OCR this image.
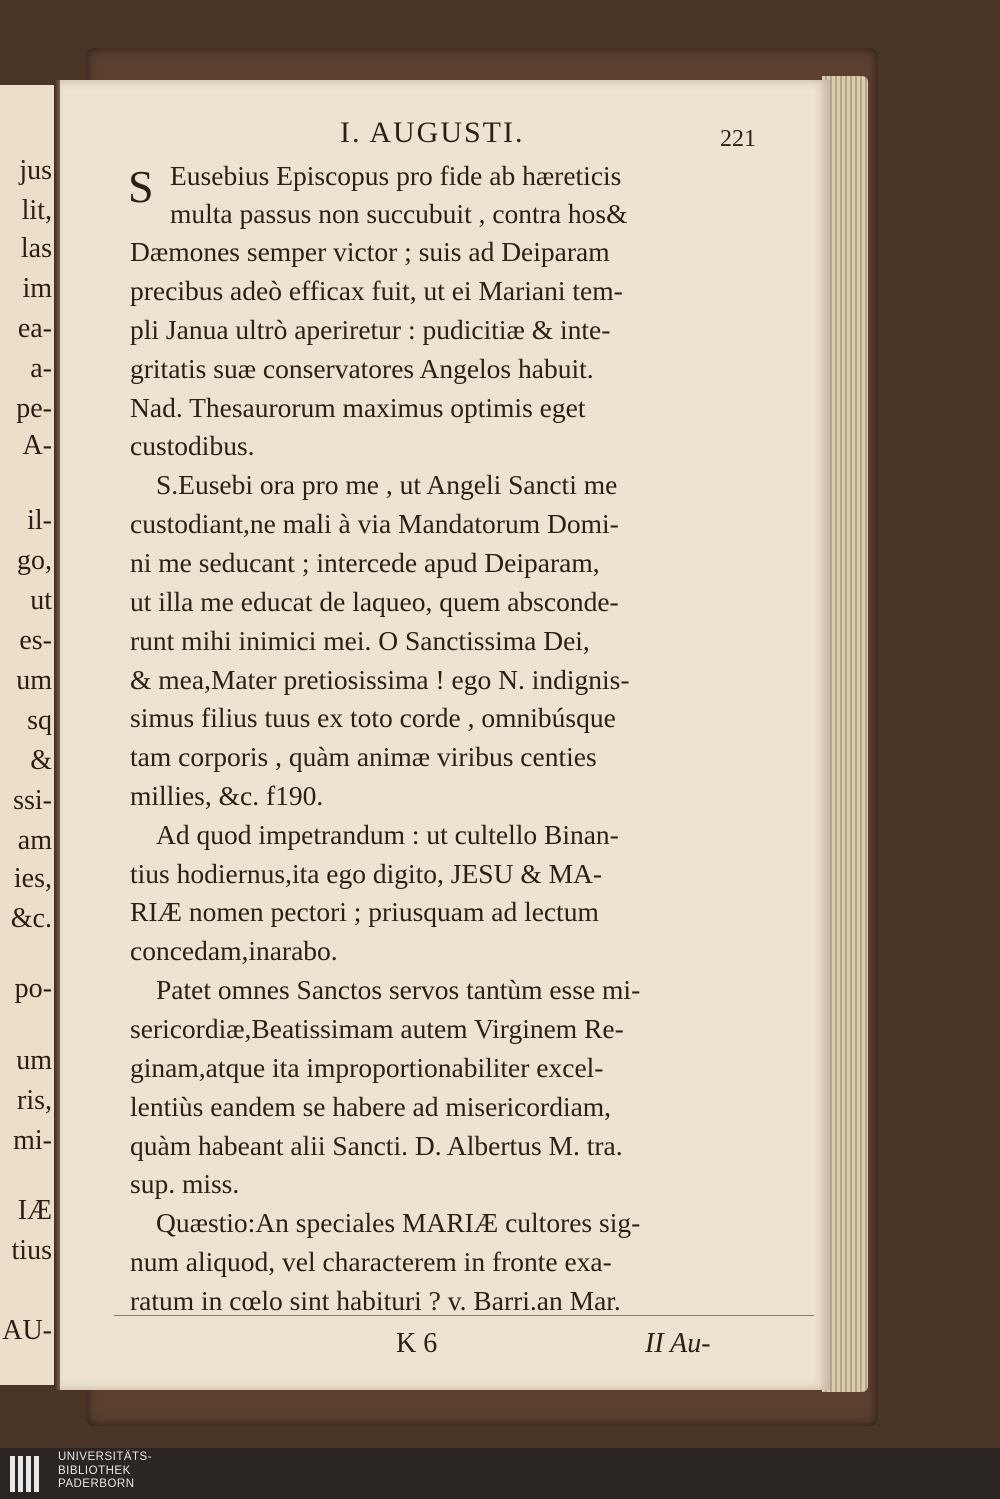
jus
lit,
las
im
ea-
a-
pe-
A-
il-
go,
ut
es-
um
sq
&
ssi-
am
ies,
&c.
po-
um
ris,
mi-
IÆ
tius
AU-
I. AUGUSTI.	221
S Eusebius Episcopus pro fide ab hæreticis
multa passus non succubuit , contra hos&
Dæmones semper victor ; suis ad Deiparam
precibus adeò efficax fuit, ut ei Mariani tem-
pli Janua ultrò aperiretur : pudicitiæ & inte-
gritatis suæ conservatores Angelos habuit.
Nad. Thesaurorum maximus optimis eget
custodibus.
S.Eusebi ora pro me , ut Angeli Sancti me
custodiant,ne mali à via Mandatorum Domi-
ni me seducant ; intercede apud Deiparam,
ut illa me educat de laqueo, quem abscondе-
runt mihi inimici mei. O Sanctissima Dei,
& mea,Mater pretiosissima ! ego N. indignis-
simus filius tuus ex toto corde , omnibúsque
tam corporis , quàm animæ viribus centies
millies, &c. f190.
Ad quod impetrandum : ut cultello Binan-
tius hodiernus,ita ego digito, JESU & MA-
RIÆ nomen pectori ; priusquam ad lectum
concedam,inarabo.
Patet omnes Sanctos servos tantùm esse mi-
sericordiæ,Beatissimam autem Virginem Re-
ginam,atque ita improportionabiliter excel-
lentiùs eandem se habere ad misericordiam,
quàm habeant alii Sancti. D. Albertus M. tra.
sup. miss.
Quæstio:An speciales MARIÆ cultores sig-
num aliquod, vel characterem in fronte exa-
ratum in cœlo sint habituri ? v. Barri.an Mar.
K 6	II Au-
UNIVERSITÄTS-
BIBLIOTHEK
PADERBORN
